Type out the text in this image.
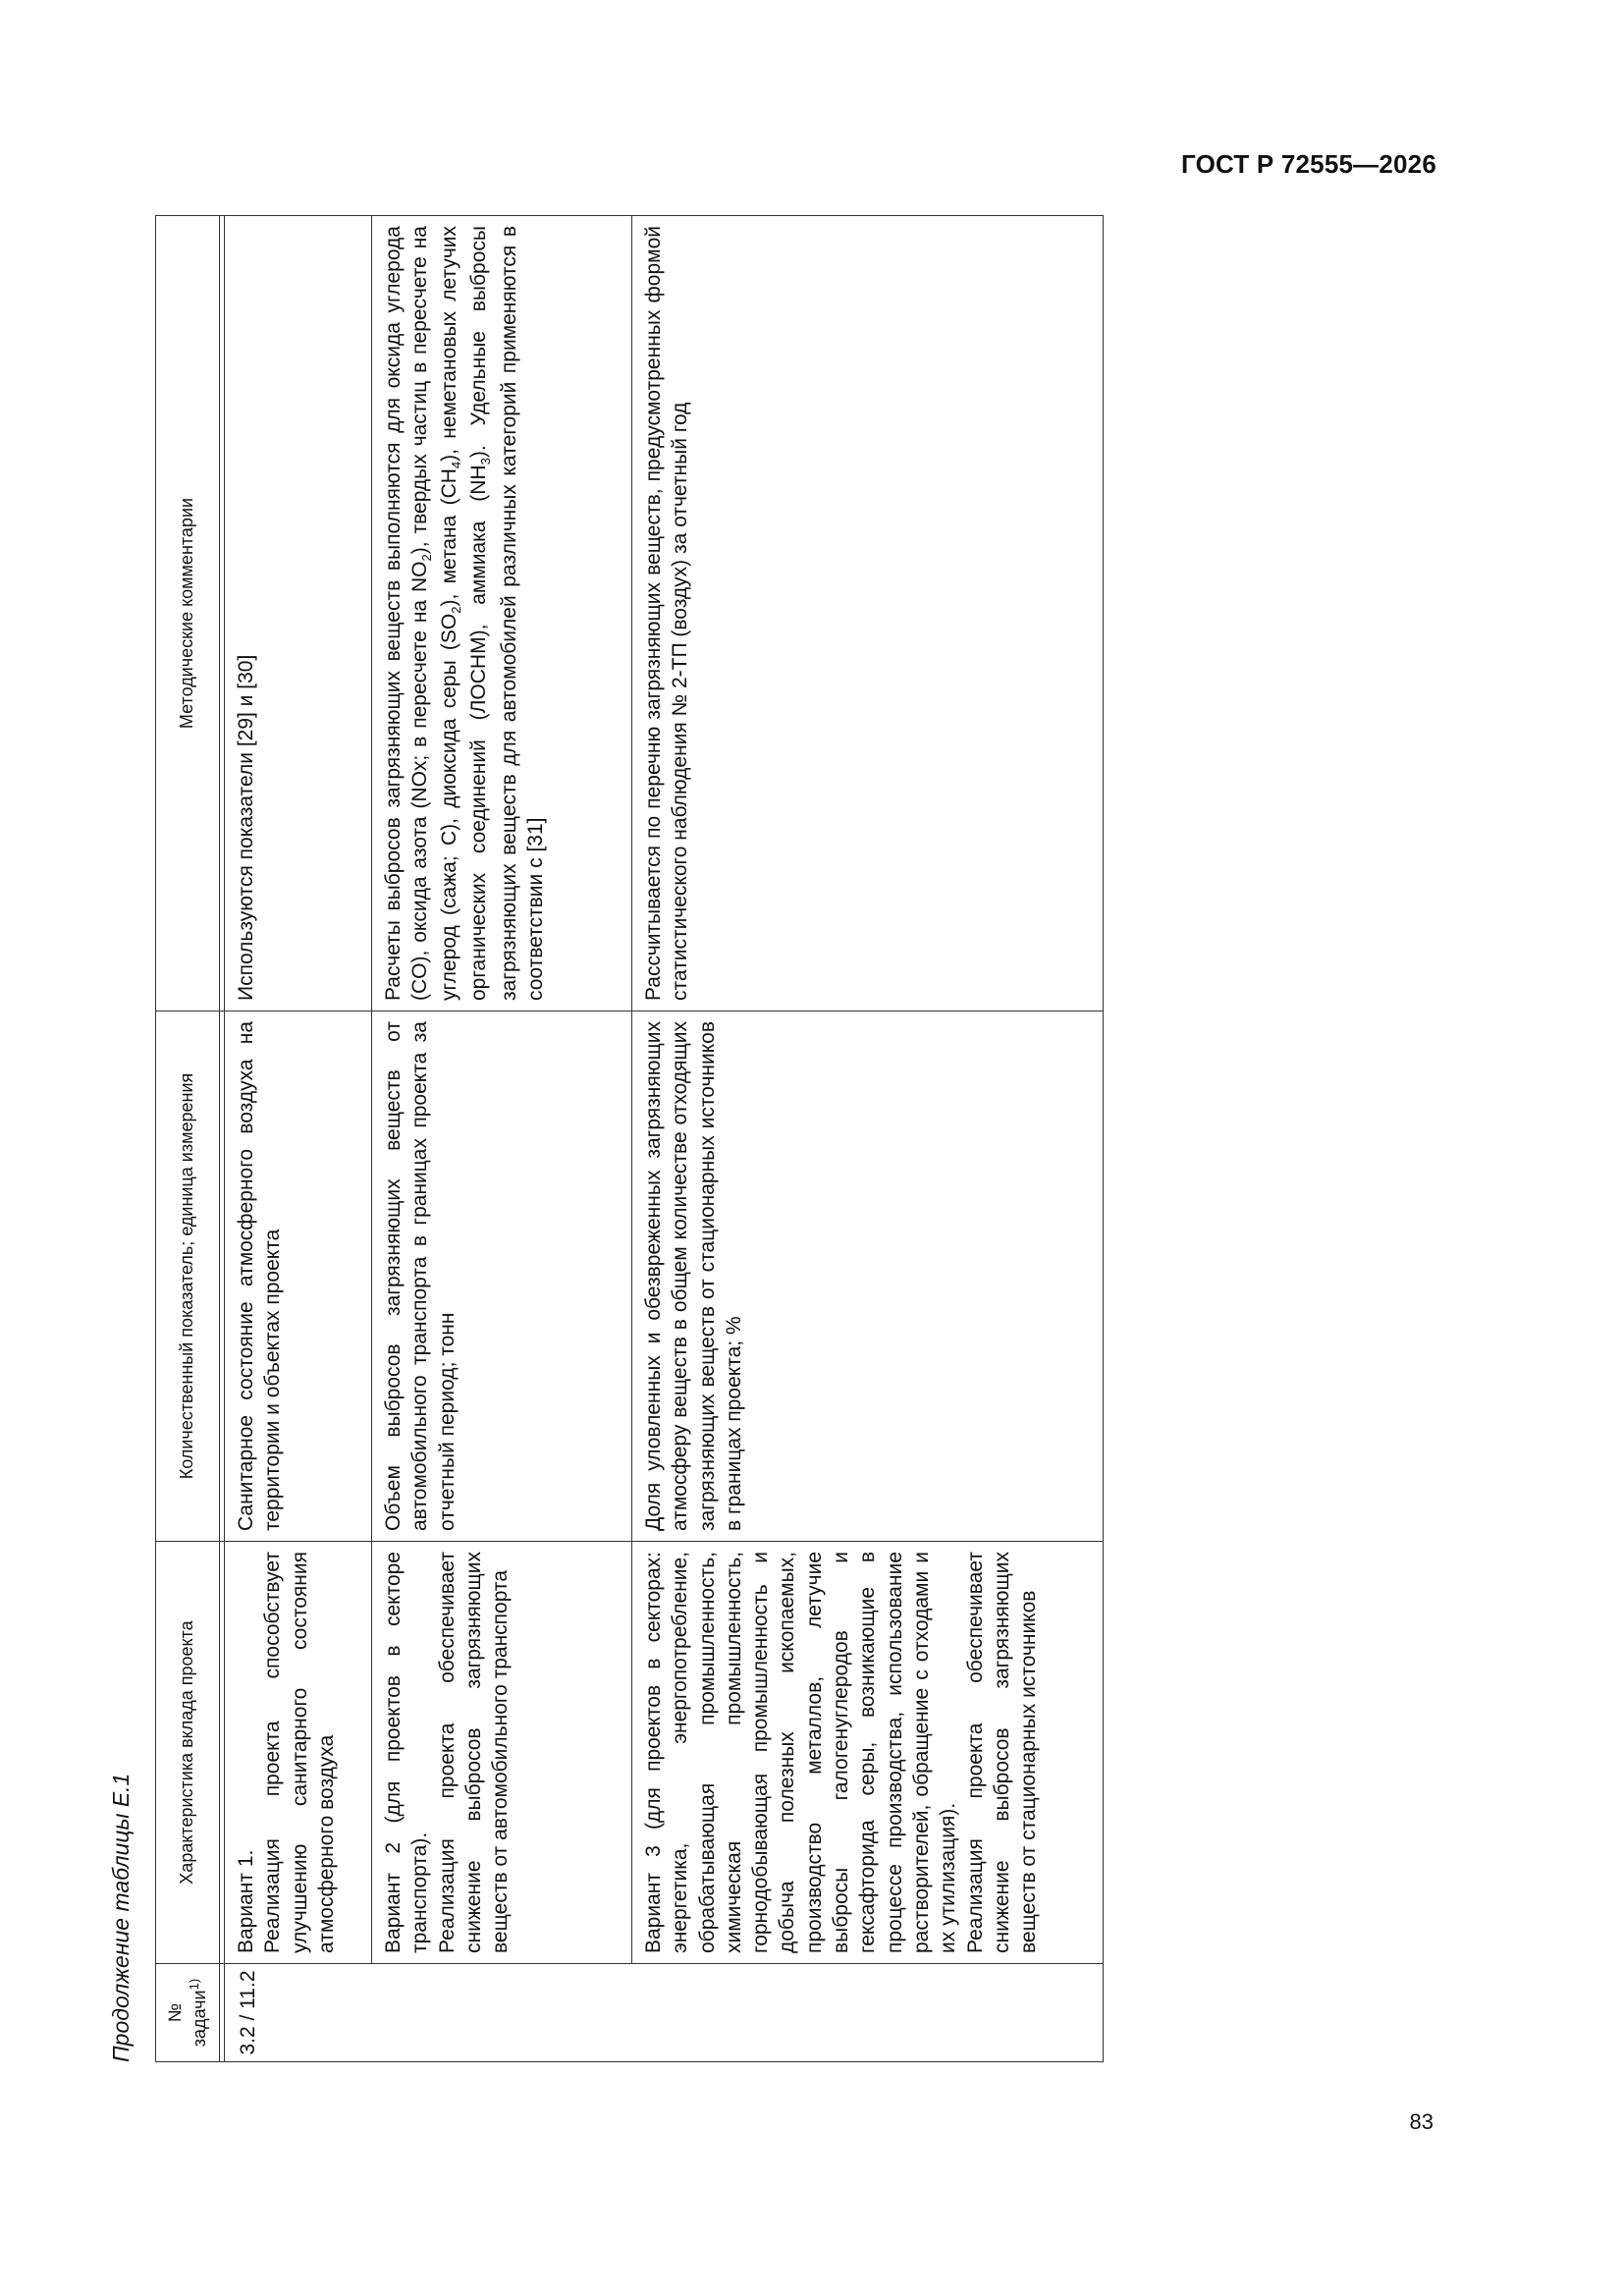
ГОСТ Р 72555—2026
Продолжение таблицы Е.1 № задачи$^{1)}$	Характеристика вклада проекта	Количественный показатель; единица измерения	Методические комментарии

3.2 / 11.2	Вариант 1. Реализация проекта способствует улучшению санитарного состояния атмосферного воздуха	Санитарное состояние атмосферного воздуха на территории и объектах проекта	Используются показатели [29] и [30]

	Вариант 2 (для проектов в секторе транспорта). Реализация проекта обеспечивает снижение выбросов загрязняющих веществ от автомобильного транспорта	Объем выбросов загрязняющих веществ от автомобильного транспорта в границах проекта за отчетный период; тонн	Расчеты выбросов загрязняющих веществ выполняются для оксида углерода (CO), оксида азота (NOx; в пересчете на $NO_2$), твердых частиц в пересчете на углерод (сажа; С), диоксида серы $(SO_2)$, метана $(CH_4)$, неметановых летучих органических соединений (ЛОСНМ), аммиака $(NH_3)$. Удельные выбросы загрязняющих веществ для автомобилей различных категорий применяются в соответствии с [31]

	Вариант 3 (для проектов в секторах: энергетика, энергопотребление, обрабатывающая промышленность, химическая промышленность, горнодобывающая промышленность и добыча полезных ископаемых, производство металлов, летучие выбросы галогенуглеродов и гексафторида серы, возникающие в процессе производства, использование растворителей, обращение с отходами и их утилизация). Реализация проекта обеспечивает снижение выбросов загрязняющих веществ от стационарных источников	Доля уловленных и обезвреженных загрязняющих атмосферу веществ в общем количестве отходящих загрязняющих веществ от стационарных источников в границах проекта; %	Рассчитывается по перечню загрязняющих веществ, предусмотренных формой статистического наблюдения № 2-ТП (воздух) за отчетный год
83
